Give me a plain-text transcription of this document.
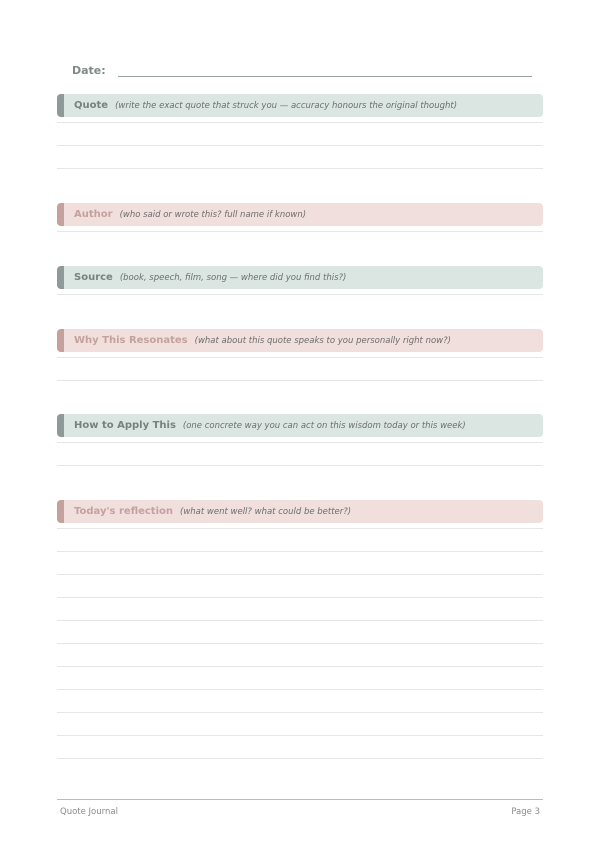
Date:
Quote (write the exact quote that struck you — accuracy honours the original thought)
Author (who said or wrote this? full name if known)
Source (book, speech, film, song — where did you find this?)
Why This Resonates (what about this quote speaks to you personally right now?)
How to Apply This (one concrete way you can act on this wisdom today or this week)
Today's reflection (what went well? what could be better?)
Quote Journal	Page 3
